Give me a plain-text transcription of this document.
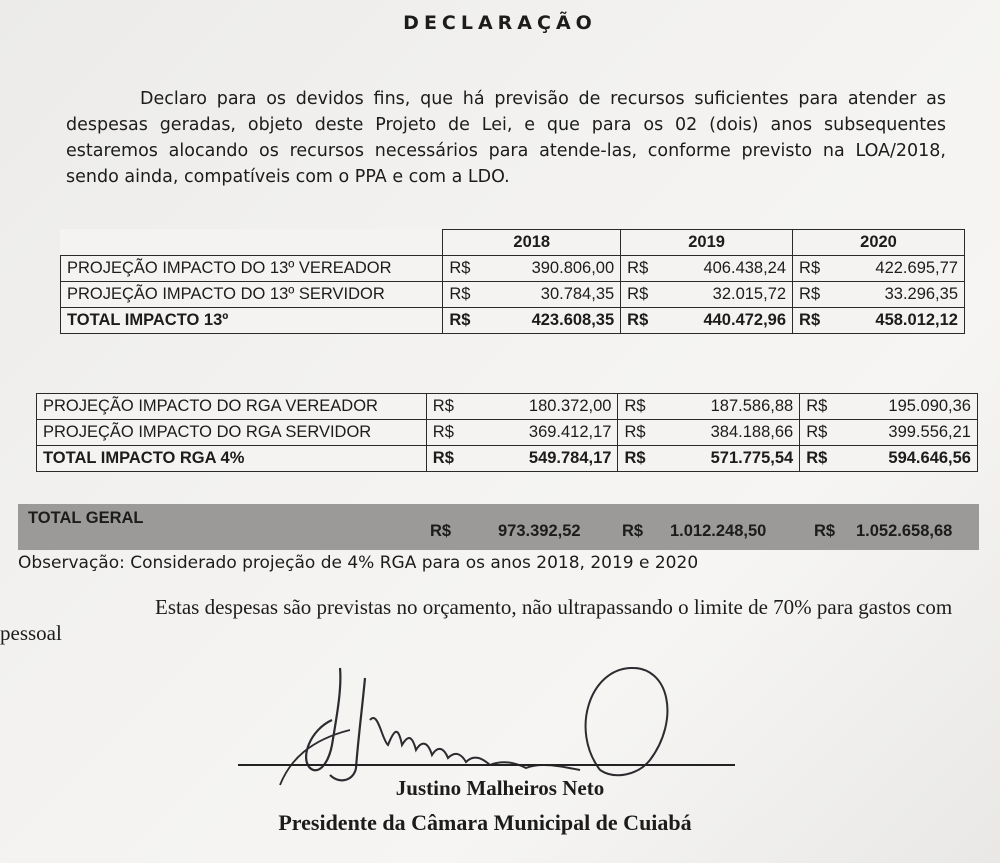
DECLARAÇÃO
Declaro para os devidos fins, que há previsão de recursos suficientes para atender as despesas geradas, objeto deste Projeto de Lei, e que para os 02 (dois) anos subsequentes estaremos alocando os recursos necessários para atende-las, conforme previsto na LOA/2018, sendo ainda, compatíveis com o PPA e com a LDO.
	2018		2019		2020	
PROJEÇÃO IMPACTO DO 13º VEREADOR	R$	390.806,00	R$	406.438,24	R$	422.695,77
PROJEÇÃO IMPACTO DO 13º SERVIDOR	R$	30.784,35	R$	32.015,72	R$	33.296,35
TOTAL IMPACTO 13º	R$	423.608,35	R$	440.472,96	R$	458.012,12
PROJEÇÃO IMPACTO DO RGA VEREADOR	R$	180.372,00	R$	187.586,88	R$	195.090,36
PROJEÇÃO IMPACTO DO RGA SERVIDOR	R$	369.412,17	R$	384.188,66	R$	399.556,21
TOTAL IMPACTO RGA 4%	R$	549.784,17	R$	571.775,54	R$	594.646,56
TOTAL GERAL
R$	973.392,52	R$ 1.012.248,50	R$ 1.052.658,68
Observação: Considerado projeção de 4% RGA para os anos 2018, 2019 e 2020
Estas despesas são previstas no orçamento, não ultrapassando o limite de 70% para gastos com pessoal
Justino Malheiros Neto
Presidente da Câmara Municipal de Cuiabá
